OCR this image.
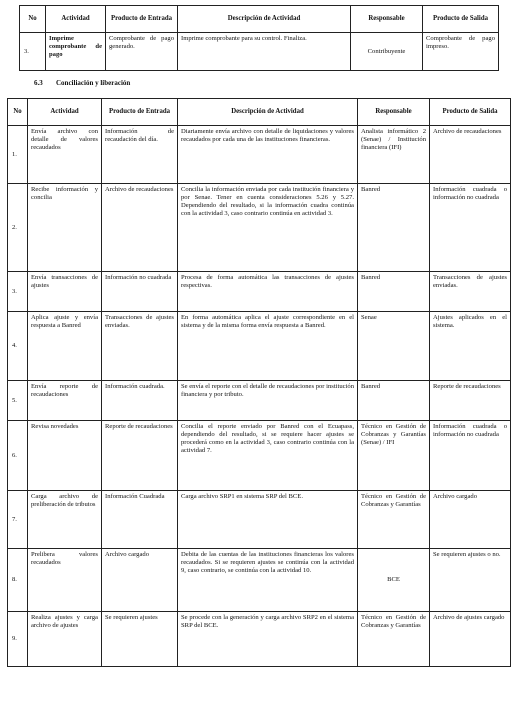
No	Actividad	Producto de Entrada	Descripción de Actividad	Responsable	Producto de Salida
3.	Imprime comprobante de pago	Comprobante de pago generado.	Imprime comprobante para su control. Finaliza.	Contribuyente	Comprobante de pago impreso.
6.3 Conciliación y liberación
No	Actividad	Producto de Entrada	Descripción de Actividad	Responsable	Producto de Salida
1.	Envía archivo con detalle de valores recaudados	Información de recaudación del día.	Diariamente envía archivo con detalle de liquidaciones y valores recaudados por cada una de las instituciones financieras.	Analista informático 2 (Senae) / Institución financiera (IFI)	Archivo de recaudaciones
2.	Recibe información y concilia	Archivo de recaudaciones	Concilia la información enviada por cada institución financiera y por Senae. Tener en cuenta consideraciones 5.26 y 5.27. Dependiendo del resultado, si la información cuadra continúa con la actividad 3, caso contrario continúa en actividad 3.	Banred	Información cuadrada o información no cuadrada
3.	Envía transacciones de ajustes	Información no cuadrada	Procesa de forma automática las transacciones de ajustes respectivas.	Banred	Transacciones de ajustes enviadas.
4.	Aplica ajuste y envía respuesta a Banred	Transacciones de ajustes enviadas.	En forma automática aplica el ajuste correspondiente en el sistema y de la misma forma envía respuesta a Banred.	Senae	Ajustes aplicados en el sistema.
5.	Envía reporte de recaudaciones	Información cuadrada.	Se envía el reporte con el detalle de recaudaciones por institución financiera y por tributo.	Banred	Reporte de recaudaciones
6.	Revisa novedades	Reporte de recaudaciones	Concilia el reporte enviado por Banred con el Ecuapass, dependiendo del resultado, si se requiere hacer ajustes se procederá como en la actividad 3, caso contrario continúa con la actividad 7.	Técnico en Gestión de Cobranzas y Garantías (Senae) / IFI	Información cuadrada o información no cuadrada
7.	Carga archivo de preliberación de tributos	Información Cuadrada	Carga archivo SRP1 en sistema SRP del BCE.	Técnico en Gestión de Cobranzas y Garantías	Archivo cargado
8.	Prelibera valores recaudados	Archivo cargado	Debita de las cuentas de las instituciones financieras los valores recaudados. Si se requieren ajustes se continúa con la actividad 9, caso contrario, se continúa con la actividad 10.	BCE	Se requieren ajustes o no.
9.	Realiza ajustes y carga archivo de ajustes	Se requieren ajustes	Se procede con la generación y carga archivo SRP2 en el sistema SRP del BCE.	Técnico en Gestión de Cobranzas y Garantías	Archivo de ajustes cargado
